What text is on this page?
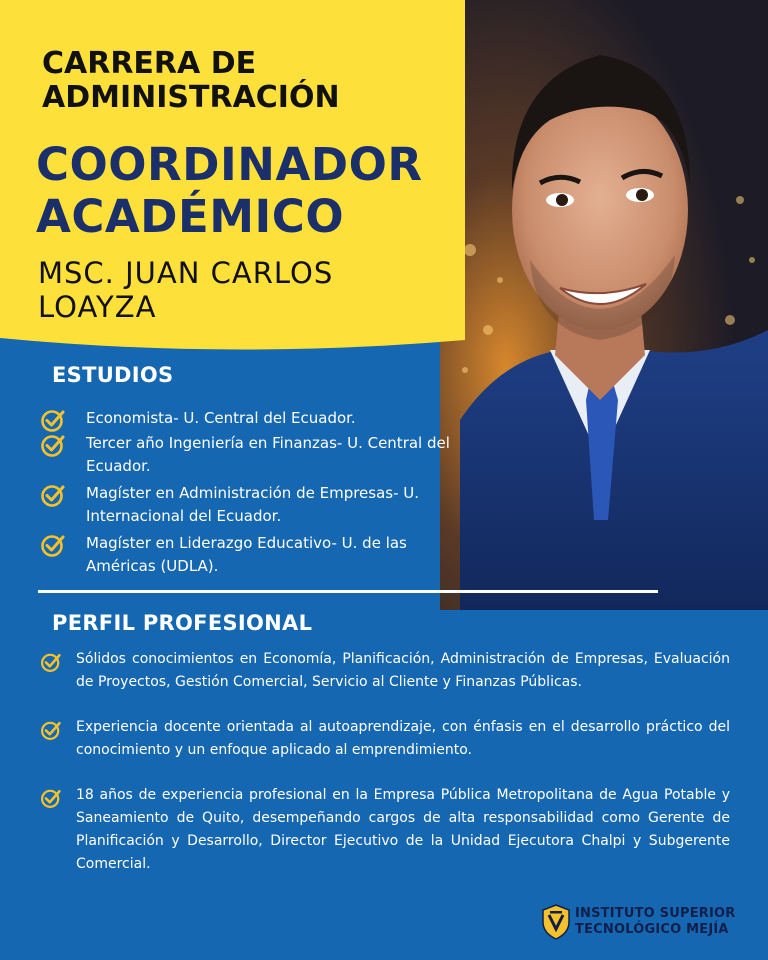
CARRERA DE
ADMINISTRACIÓN
COORDINADOR
ACADÉMICO
MSC. JUAN CARLOS
LOAYZA
ESTUDIOS
Economista- U. Central del Ecuador.
Tercer año Ingeniería en Finanzas- U. Central del Ecuador.
Magíster en Administración de Empresas- U. Internacional del Ecuador.
Magíster en Liderazgo Educativo- U. de las Américas (UDLA).
PERFIL PROFESIONAL
Sólidos conocimientos en Economía, Planificación, Administración de Empresas, Evaluación de Proyectos, Gestión Comercial, Servicio al Cliente y Finanzas Públicas.
Experiencia docente orientada al autoaprendizaje, con énfasis en el desarrollo práctico del conocimiento y un enfoque aplicado al emprendimiento.
18 años de experiencia profesional en la Empresa Pública Metropolitana de Agua Potable y Saneamiento de Quito, desempeñando cargos de alta responsabilidad como Gerente de Planificación y Desarrollo, Director Ejecutivo de la Unidad Ejecutora Chalpi y Subgerente Comercial.
INSTITUTO SUPERIOR
TECNOLÓGICO MEJÍA
